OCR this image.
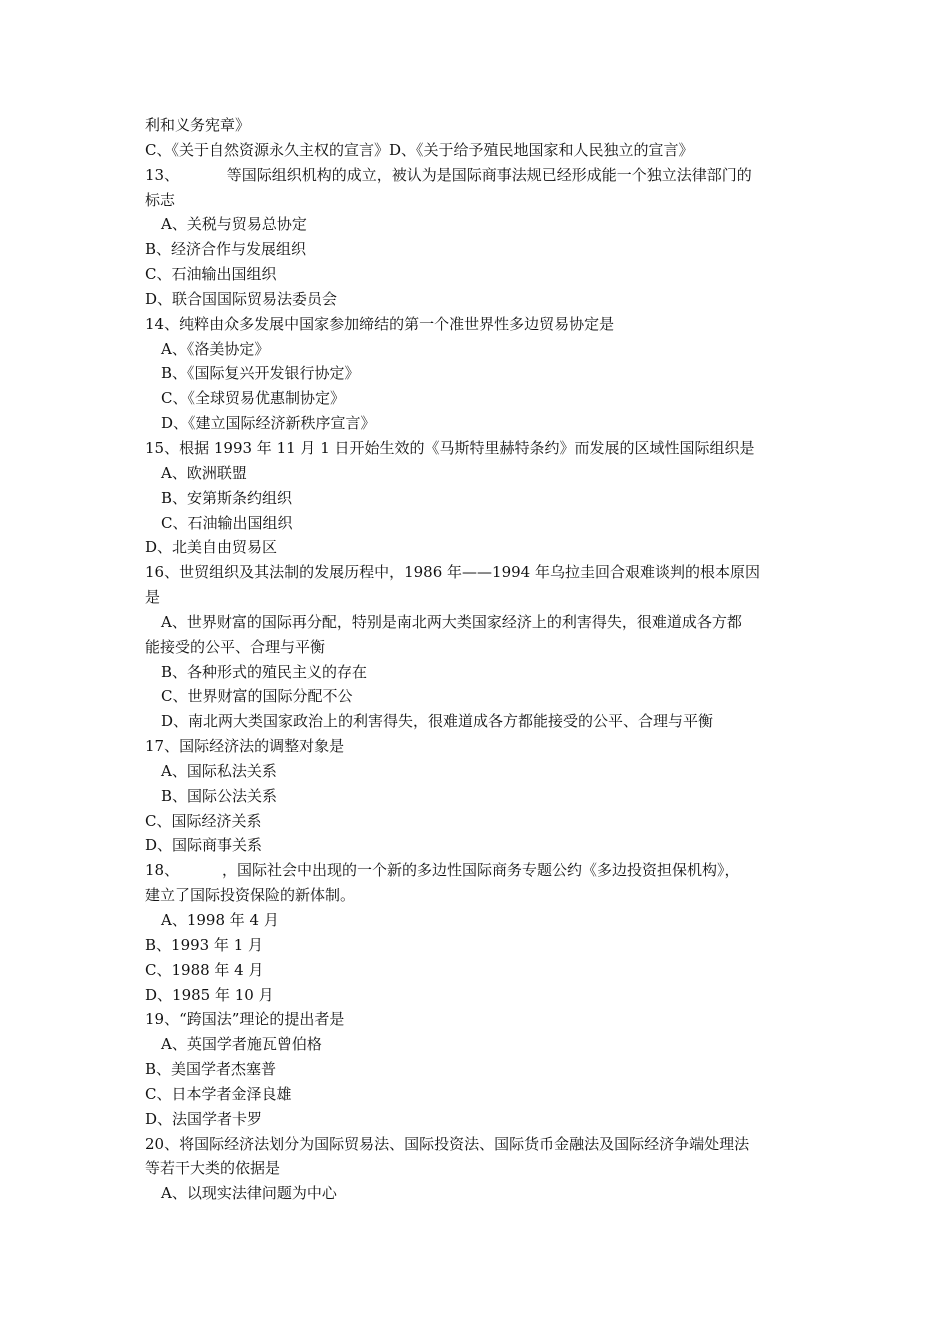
利和义务宪章》
C、《关于自然资源永久主权的宣言》D、《关于给予殖民地国家和人民独立的宣言》
13、          等国际组织机构的成立，被认为是国际商事法规已经形成能一个独立法律部门的
标志
A、关税与贸易总协定
B、经济合作与发展组织
C、石油输出国组织
D、联合国国际贸易法委员会
14、纯粹由众多发展中国家参加缔结的第一个准世界性多边贸易协定是
A、《洛美协定》
B、《国际复兴开发银行协定》
C、《全球贸易优惠制协定》
D、《建立国际经济新秩序宣言》
15、根据 1993 年 11 月 1 日开始生效的《马斯特里赫特条约》而发展的区域性国际组织是
A、欧洲联盟
B、安第斯条约组织
C、石油输出国组织
D、北美自由贸易区
16、世贸组织及其法制的发展历程中，1986 年——1994 年乌拉圭回合艰难谈判的根本原因
是
A、世界财富的国际再分配，特别是南北两大类国家经济上的利害得失，很难道成各方都
能接受的公平、合理与平衡
B、各种形式的殖民主义的存在
C、世界财富的国际分配不公
D、南北两大类国家政治上的利害得失，很难道成各方都能接受的公平、合理与平衡
17、国际经济法的调整对象是
A、国际私法关系
B、国际公法关系
C、国际经济关系
D、国际商事关系
18、         ，国际社会中出现的一个新的多边性国际商务专题公约《多边投资担保机构》，
建立了国际投资保险的新体制。
A、1998 年 4 月
B、1993 年 1 月
C、1988 年 4 月
D、1985 年 10 月
19、“跨国法”理论的提出者是
A、英国学者施瓦曾伯格
B、美国学者杰塞普
C、日本学者金泽良雄
D、法国学者卡罗
20、将国际经济法划分为国际贸易法、国际投资法、国际货币金融法及国际经济争端处理法
等若干大类的依据是
A、以现实法律问题为中心
